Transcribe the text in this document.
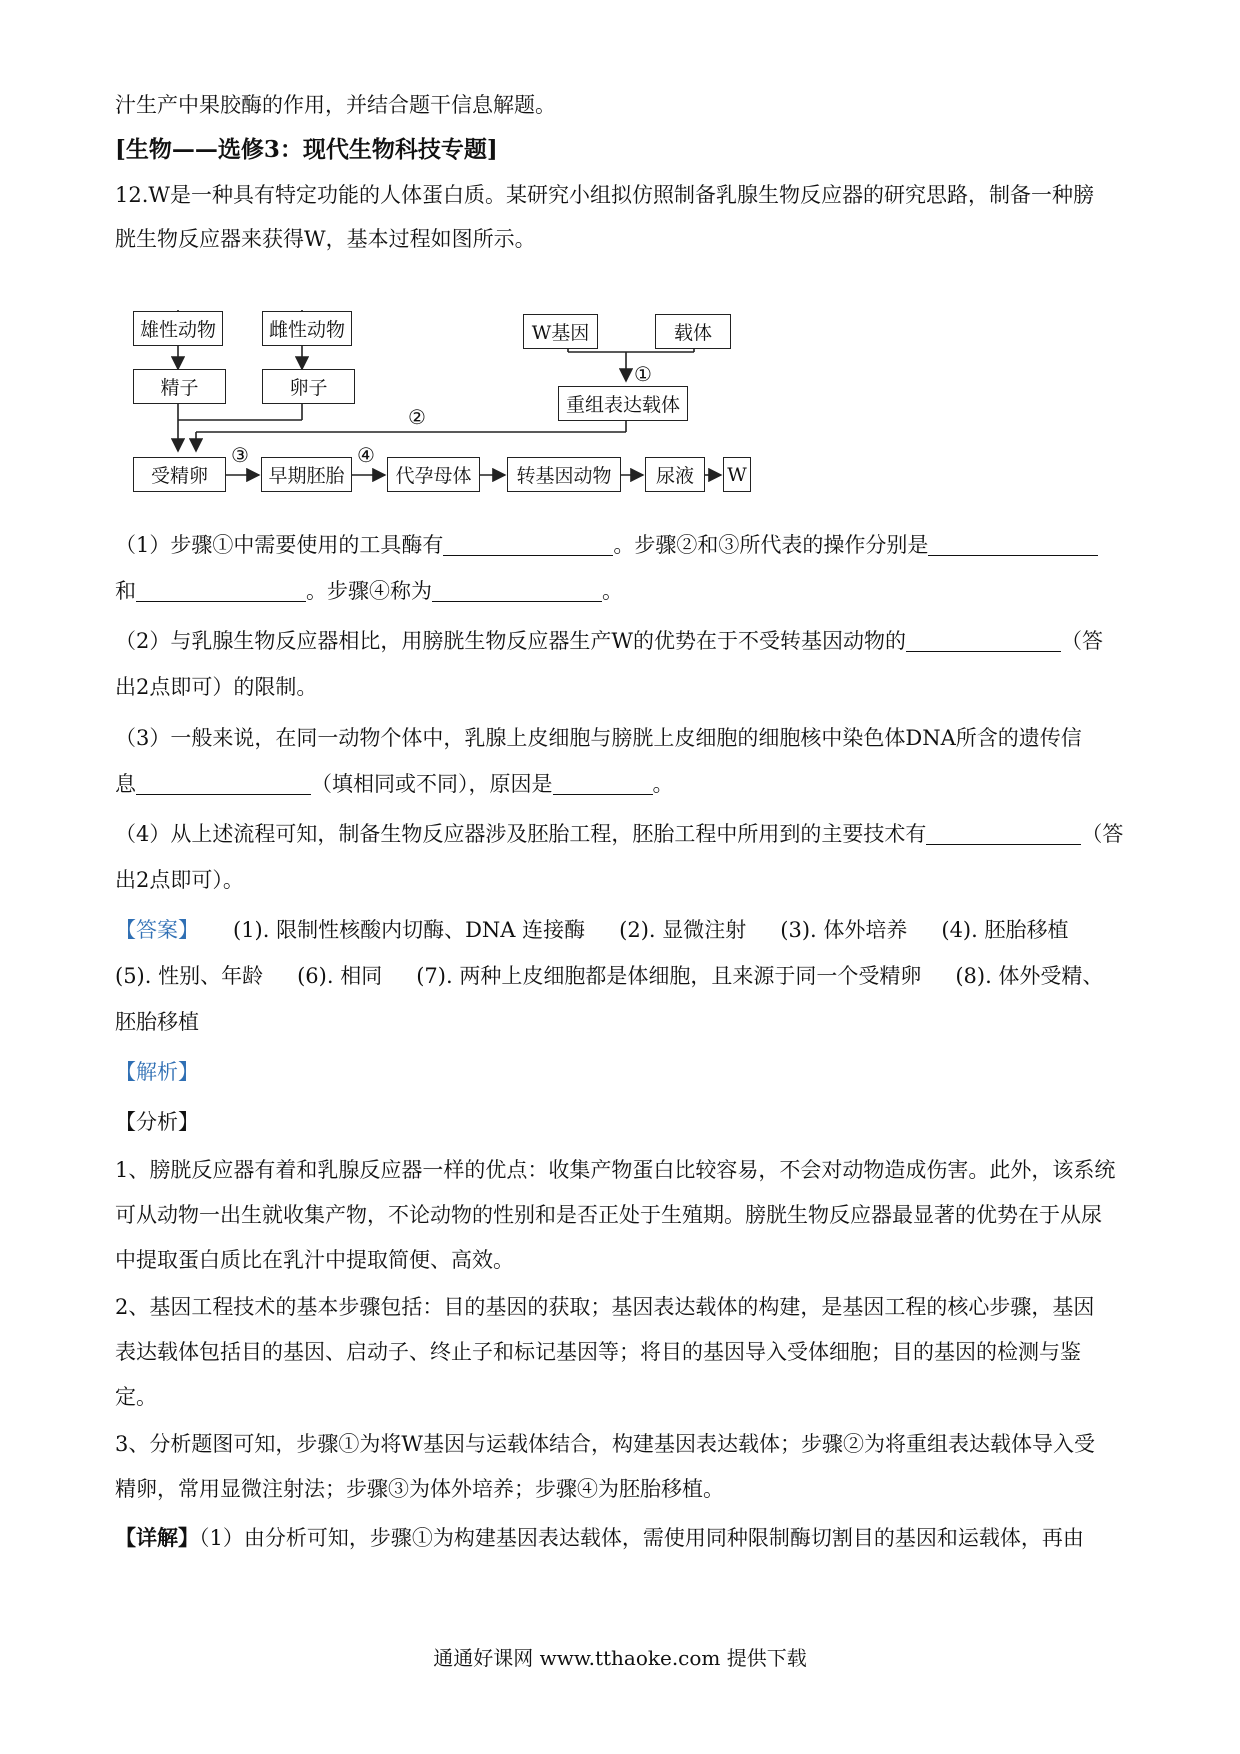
汁生产中果胶酶的作用，并结合题干信息解题。
[生物——选修3：现代生物科技专题]
12.W是一种具有特定功能的人体蛋白质。某研究小组拟仿照制备乳腺生物反应器的研究思路，制备一种膀
胱生物反应器来获得W，基本过程如图所示。
雄性动物	雌性动物
精子	卵子
W基因	载体
重组表达载体
受精卵	早期胚胎	代孕母体	转基因动物	尿液	W
①
②
③	④
（1）步骤①中需要使用的工具酶有	。步骤②和③所代表的操作分别是
和	。步骤④称为	。
（2）与乳腺生物反应器相比，用膀胱生物反应器生产W的优势在于不受转基因动物的	（答
出2点即可）的限制。
（3）一般来说，在同一动物个体中，乳腺上皮细胞与膀胱上皮细胞的细胞核中染色体DNA所含的遗传信
息	（填相同或不同），原因是	。
（4）从上述流程可知，制备生物反应器涉及胚胎工程，胚胎工程中所用到的主要技术有	（答
出2点即可）。
【答案】 (1). 限制性核酸内切酶、DNA 连接酶 (2). 显微注射 (3). 体外培养 (4). 胚胎移植
(5). 性别、年龄 (6). 相同 (7). 两种上皮细胞都是体细胞，且来源于同一个受精卵 (8). 体外受精、
胚胎移植
【解析】
【分析】
1、膀胱反应器有着和乳腺反应器一样的优点：收集产物蛋白比较容易，不会对动物造成伤害。此外，该系统
可从动物一出生就收集产物，不论动物的性别和是否正处于生殖期。膀胱生物反应器最显著的优势在于从尿
中提取蛋白质比在乳汁中提取简便、高效。
2、基因工程技术的基本步骤包括：目的基因的获取；基因表达载体的构建，是基因工程的核心步骤，基因
表达载体包括目的基因、启动子、终止子和标记基因等；将目的基因导入受体细胞；目的基因的检测与鉴
定。
3、分析题图可知，步骤①为将W基因与运载体结合，构建基因表达载体；步骤②为将重组表达载体导入受
精卵，常用显微注射法；步骤③为体外培养；步骤④为胚胎移植。
【详解】（1）由分析可知，步骤①为构建基因表达载体，需使用同种限制酶切割目的基因和运载体，再由
通通好课网 www.tthaoke.com 提供下载
